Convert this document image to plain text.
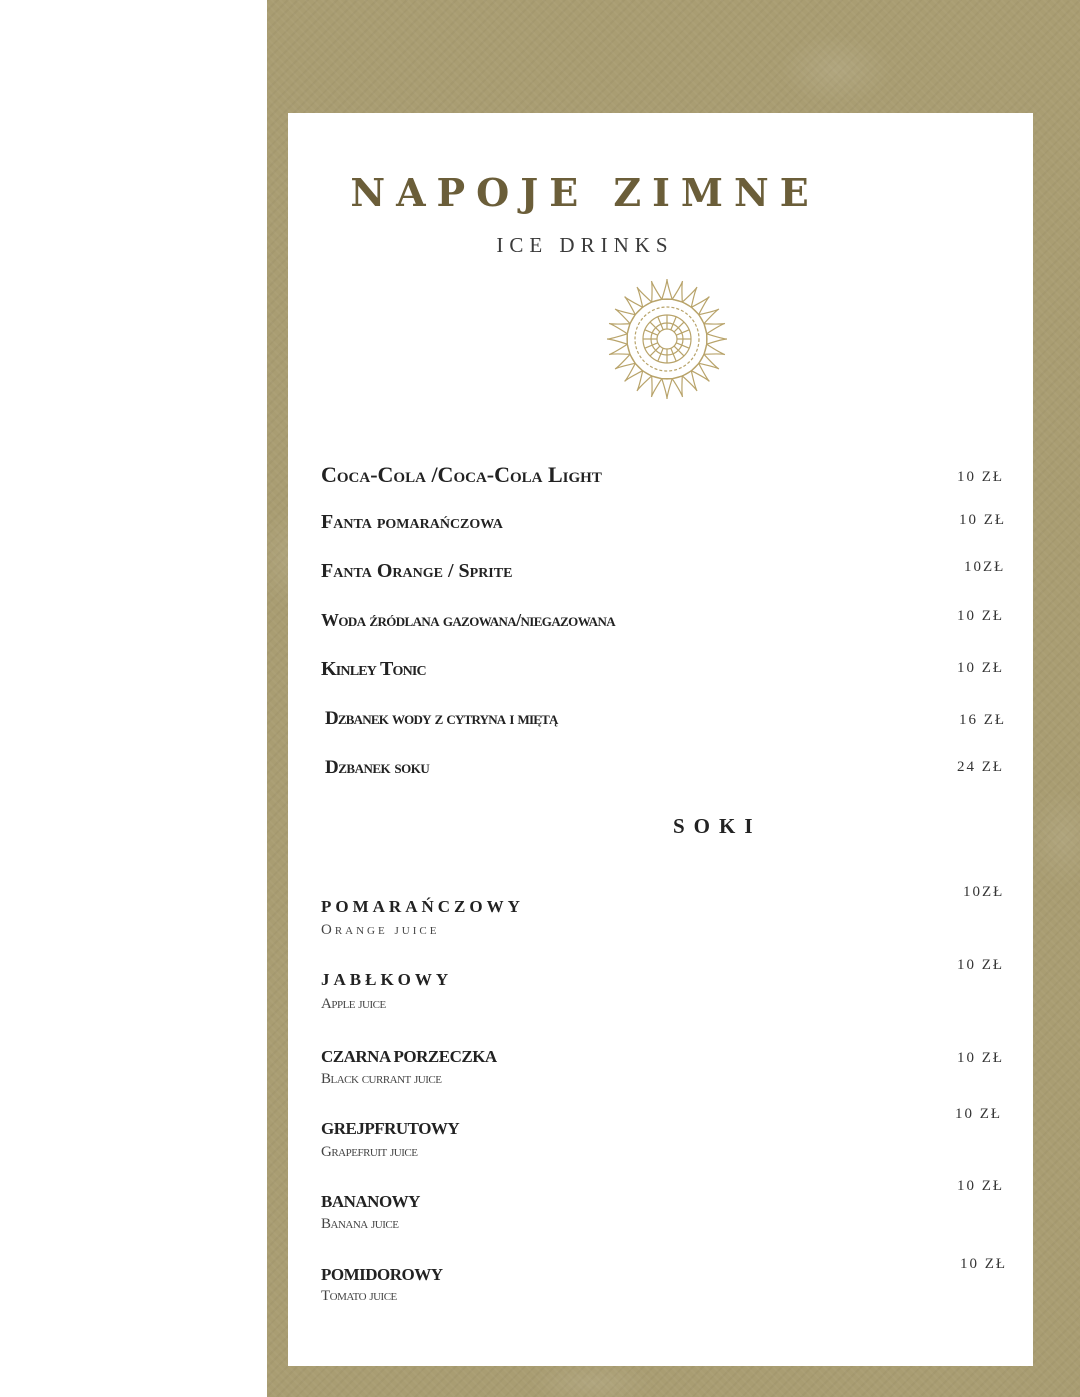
NAPOJE ZIMNE
ICE DRINKS
Coca-Cola /Coca-Cola Light	10 ZŁ
Fanta pomarańczowa	10 ZŁ
Fanta Orange / Sprite	10ZŁ
Woda źródlana gazowana/niegazowana	10 ZŁ
Kinley Tonic	10 ZŁ
Dzbanek wody z cytryna i miętą	16 ZŁ
Dzbanek soku	24 ZŁ
SOKI
POMARAŃCZOWY
Orange juice
10ZŁ
JABŁKOWY
Apple juice
10 ZŁ
CZARNA PORZECZKA
Black currant juice
10 ZŁ
GREJPFRUTOWY
Grapefruit juice
10 ZŁ
BANANOWY
Banana juice
10 ZŁ
POMIDOROWY
Tomato juice
10 ZŁ
